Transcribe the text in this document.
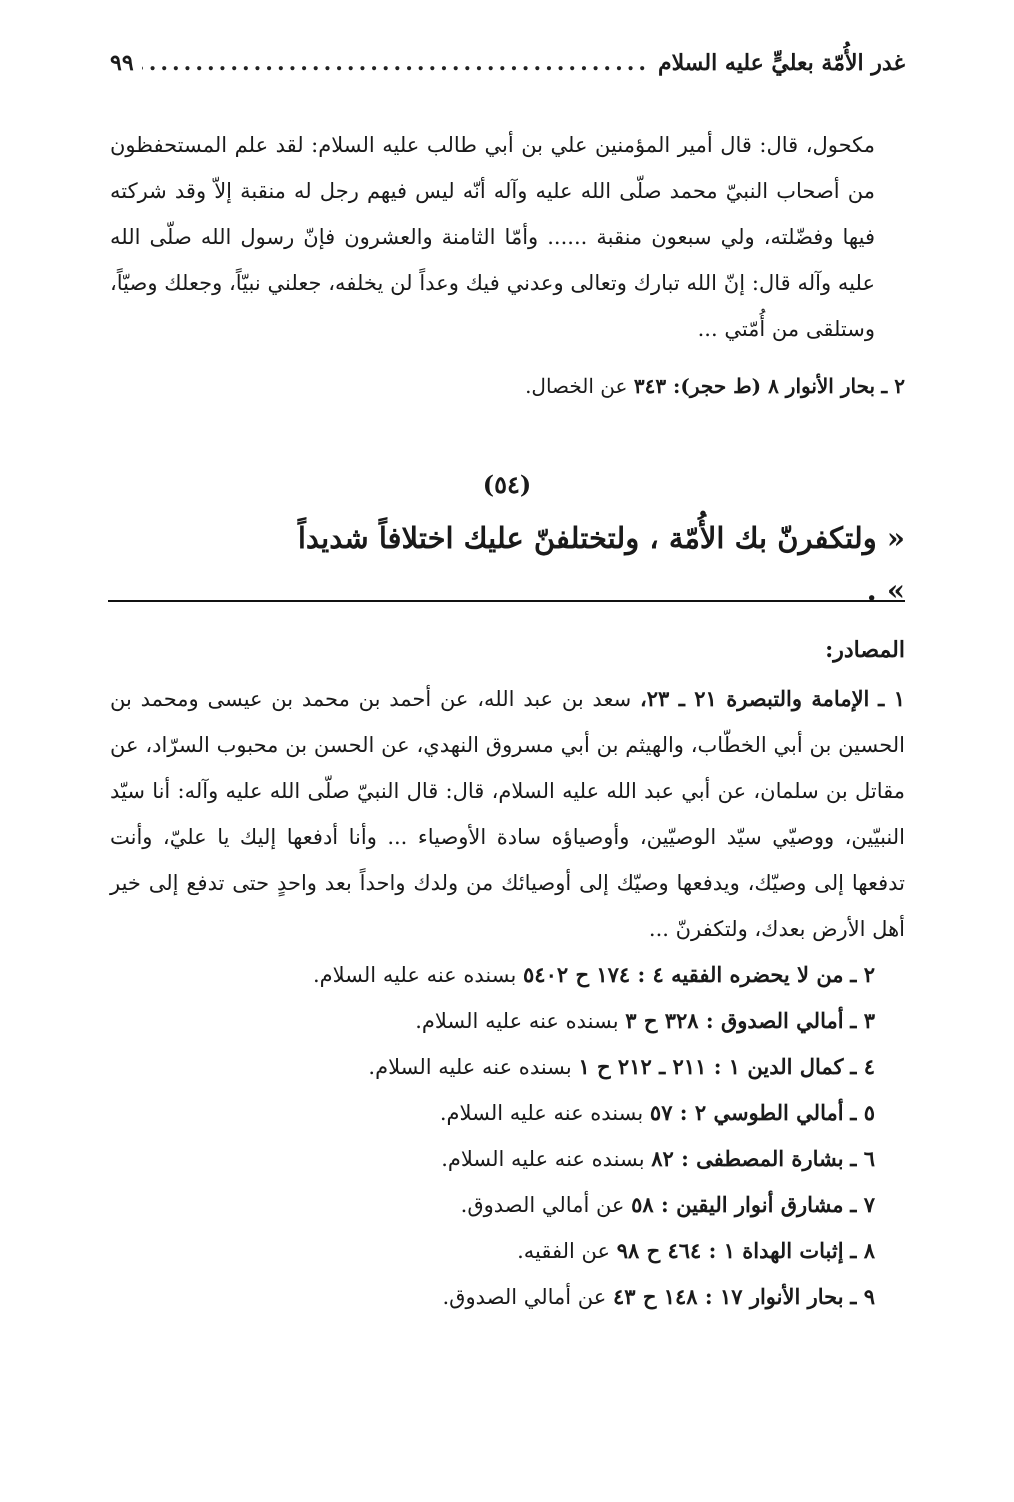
غدر الأُمّة بعليٍّ عليه السلام
.....
٩٩
مكحول، قال: قال أمير المؤمنين علي بن أبي طالب عليه السلام: لقد علم المستحفظون من أصحاب النبيّ محمد صلّى الله عليه وآله أنّه ليس فيهم رجل له منقبة إلاّ وقد شركته فيها وفضّلته، ولي سبعون منقبة ...... وأمّا الثامنة والعشرون فإنّ رسول الله صلّى الله عليه وآله قال: إنّ الله تبارك وتعالى وعدني فيك وعداً لن يخلفه، جعلني نبيّاً، وجعلك وصيّاً، وستلقى من أُمّتي ...
٢ ـ بحار الأنوار ٨ (ط حجر): ٣٤٣ عن الخصال.
(٥٤)
« ولتكفرنّ بك الأُمّة ، ولتختلفنّ عليك اختلافاً شديداً » .
المصادر:
١ ـ الإمامة والتبصرة ٢١ ـ ٢٣، سعد بن عبد الله، عن أحمد بن محمد بن عيسى ومحمد بن الحسين بن أبي الخطّاب، والهيثم بن أبي مسروق النهدي، عن الحسن بن محبوب السرّاد، عن مقاتل بن سلمان، عن أبي عبد الله عليه السلام، قال: قال النبيّ صلّى الله عليه وآله: أنا سيّد النبيّين، ووصيّي سيّد الوصيّين، وأوصياؤه سادة الأوصياء ... وأنا أدفعها إليك يا عليّ، وأنت تدفعها إلى وصيّك، ويدفعها وصيّك إلى أوصيائك من ولدك واحداً بعد واحدٍ حتى تدفع إلى خير أهل الأرض بعدك، ولتكفرنّ ...
٢ ـ من لا يحضره الفقيه ٤ : ١٧٤ ح ٥٤٠٢ بسنده عنه عليه السلام.
٣ ـ أمالي الصدوق : ٣٢٨ ح ٣ بسنده عنه عليه السلام.
٤ ـ كمال الدين ١ : ٢١١ ـ ٢١٢ ح ١ بسنده عنه عليه السلام.
٥ ـ أمالي الطوسي ٢ : ٥٧ بسنده عنه عليه السلام.
٦ ـ بشارة المصطفى : ٨٢ بسنده عنه عليه السلام.
٧ ـ مشارق أنوار اليقين : ٥٨ عن أمالي الصدوق.
٨ ـ إثبات الهداة ١ : ٤٦٤ ح ٩٨ عن الفقيه.
٩ ـ بحار الأنوار ١٧ : ١٤٨ ح ٤٣ عن أمالي الصدوق.
